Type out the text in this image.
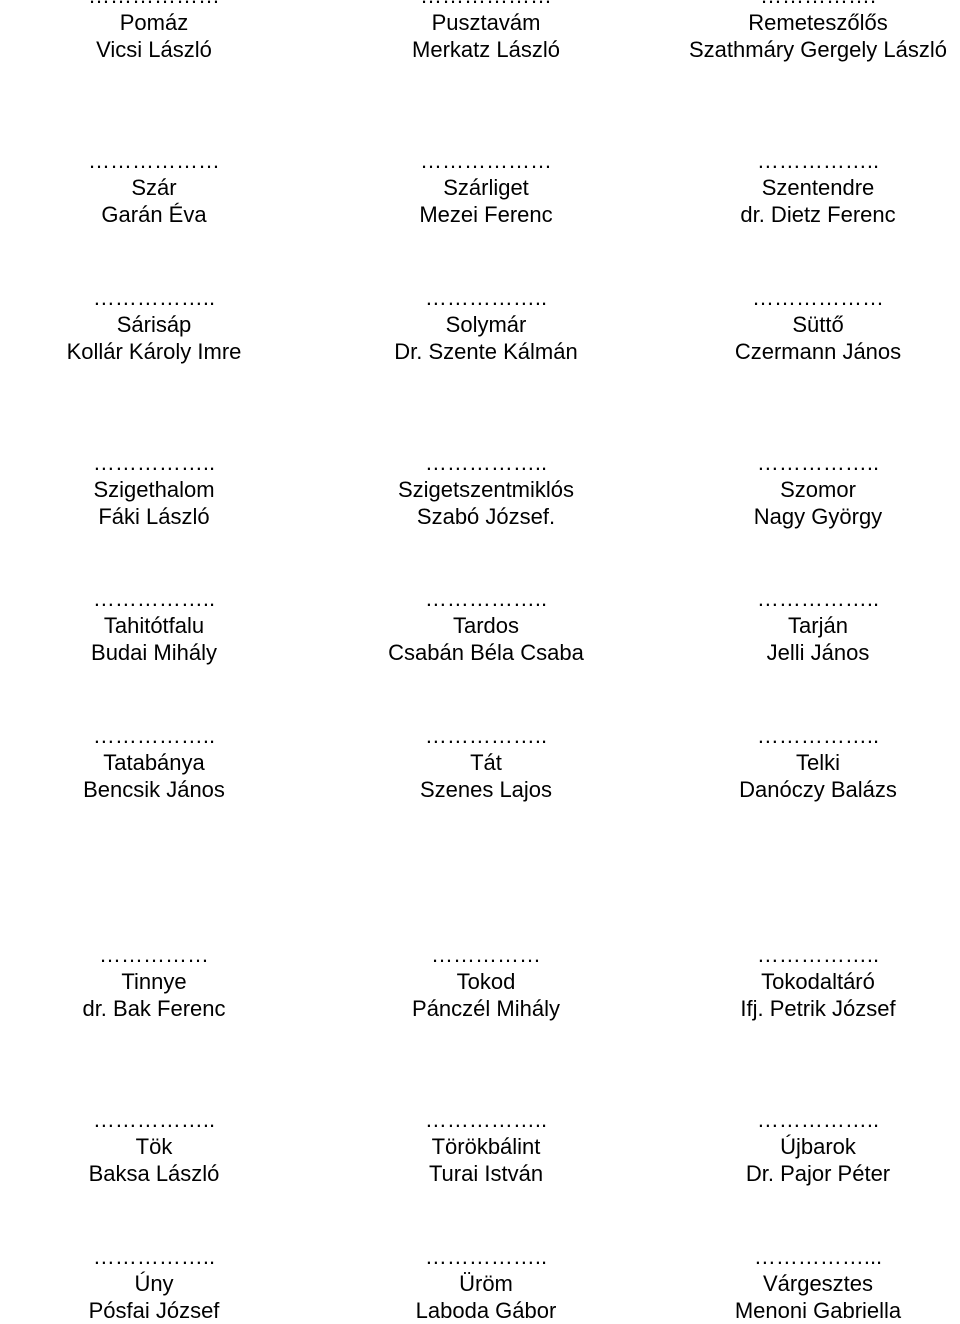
Pomáz
Vicsi László
Pusztavám
Merkatz László
Remeteszőlős
Szathmáry Gergely László
………………
Szár
Garán Éva
………………
Szárliget
Mezei Ferenc
……………..
Szentendre
dr. Dietz Ferenc
……………..
Sárisáp
Kollár Károly Imre
……………..
Solymár
Dr. Szente Kálmán
………………
Süttő
Czermann János
……………..
Szigethalom
Fáki László
……………..
Szigetszentmiklós
Szabó József.
……………..
Szomor
Nagy György
……………..
Tahitótfalu
Budai Mihály
……………..
Tardos
Csabán Béla Csaba
……………..
Tarján
Jelli János
……………..
Tatabánya
Bencsik János
……………..
Tát
Szenes Lajos
……………..
Telki
Danóczy Balázs
……………
Tinnye
dr. Bak Ferenc
……………
Tokod
Pánczél Mihály
……………..
Tokodaltáró
Ifj. Petrik József
……………..
Tök
Baksa László
……………..
Törökbálint
Turai István
……………..
Újbarok
Dr. Pajor Péter
……………..
Úny
Pósfai József
……………..
Üröm
Laboda Gábor
……………...
Várgesztes
Menoni Gabriella
